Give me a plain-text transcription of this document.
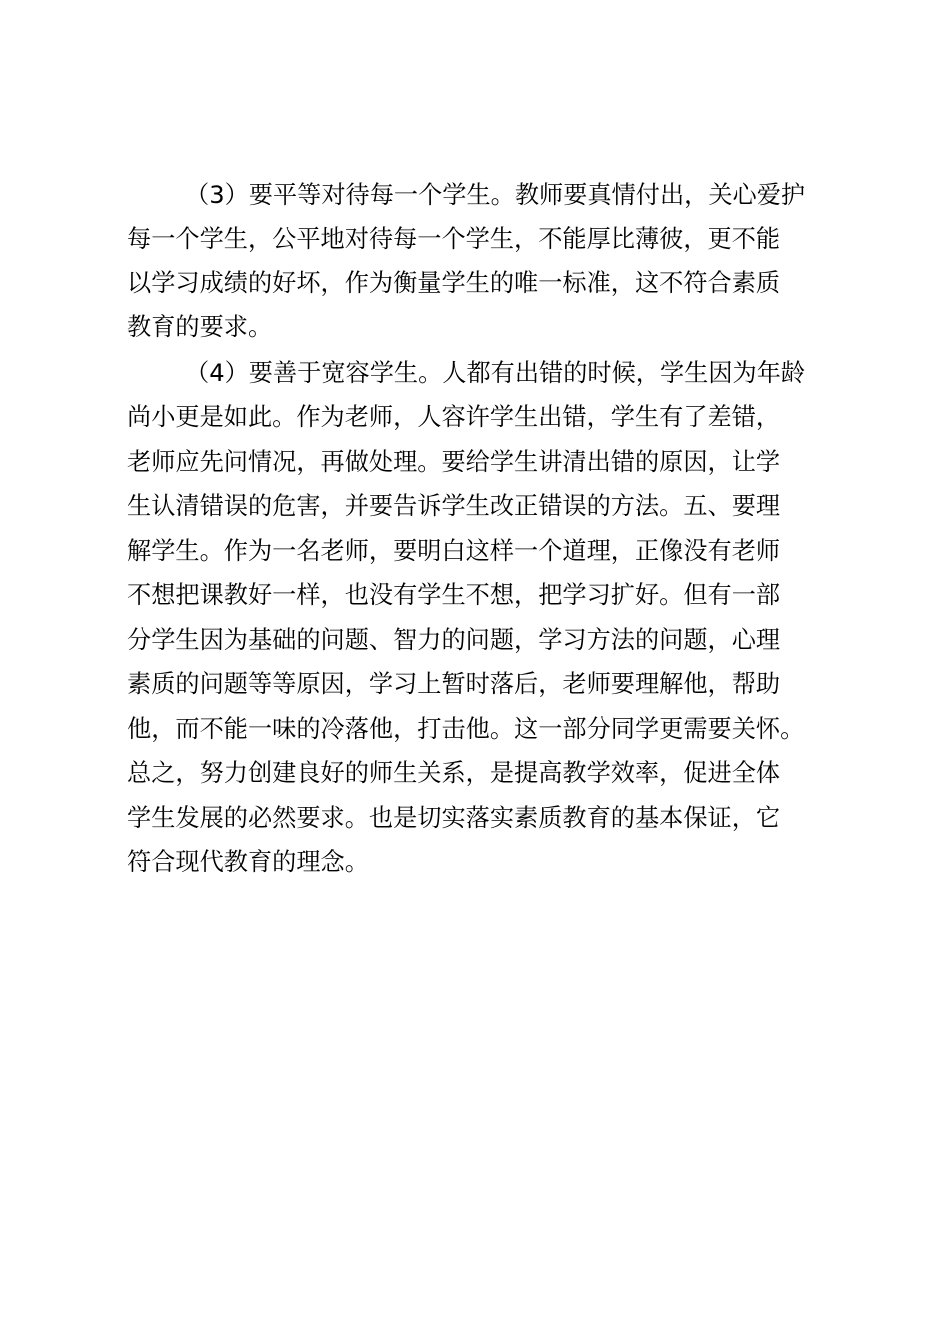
（3）要平等对待每一个学生。教师要真情付出，关心爱护
每一个学生，公平地对待每一个学生，不能厚比薄彼，更不能
以学习成绩的好坏，作为衡量学生的唯一标准，这不符合素质
教育的要求。
（4）要善于宽容学生。人都有出错的时候，学生因为年龄
尚小更是如此。作为老师，人容许学生出错，学生有了差错，
老师应先问情况，再做处理。要给学生讲清出错的原因，让学
生认清错误的危害，并要告诉学生改正错误的方法。五、要理
解学生。作为一名老师，要明白这样一个道理，正像没有老师
不想把课教好一样，也没有学生不想，把学习扩好。但有一部
分学生因为基础的问题、智力的问题，学习方法的问题，心理
素质的问题等等原因，学习上暂时落后，老师要理解他，帮助
他，而不能一味的冷落他，打击他。这一部分同学更需要关怀。
总之，努力创建良好的师生关系，是提高教学效率，促进全体
学生发展的必然要求。也是切实落实素质教育的基本保证，它
符合现代教育的理念。
